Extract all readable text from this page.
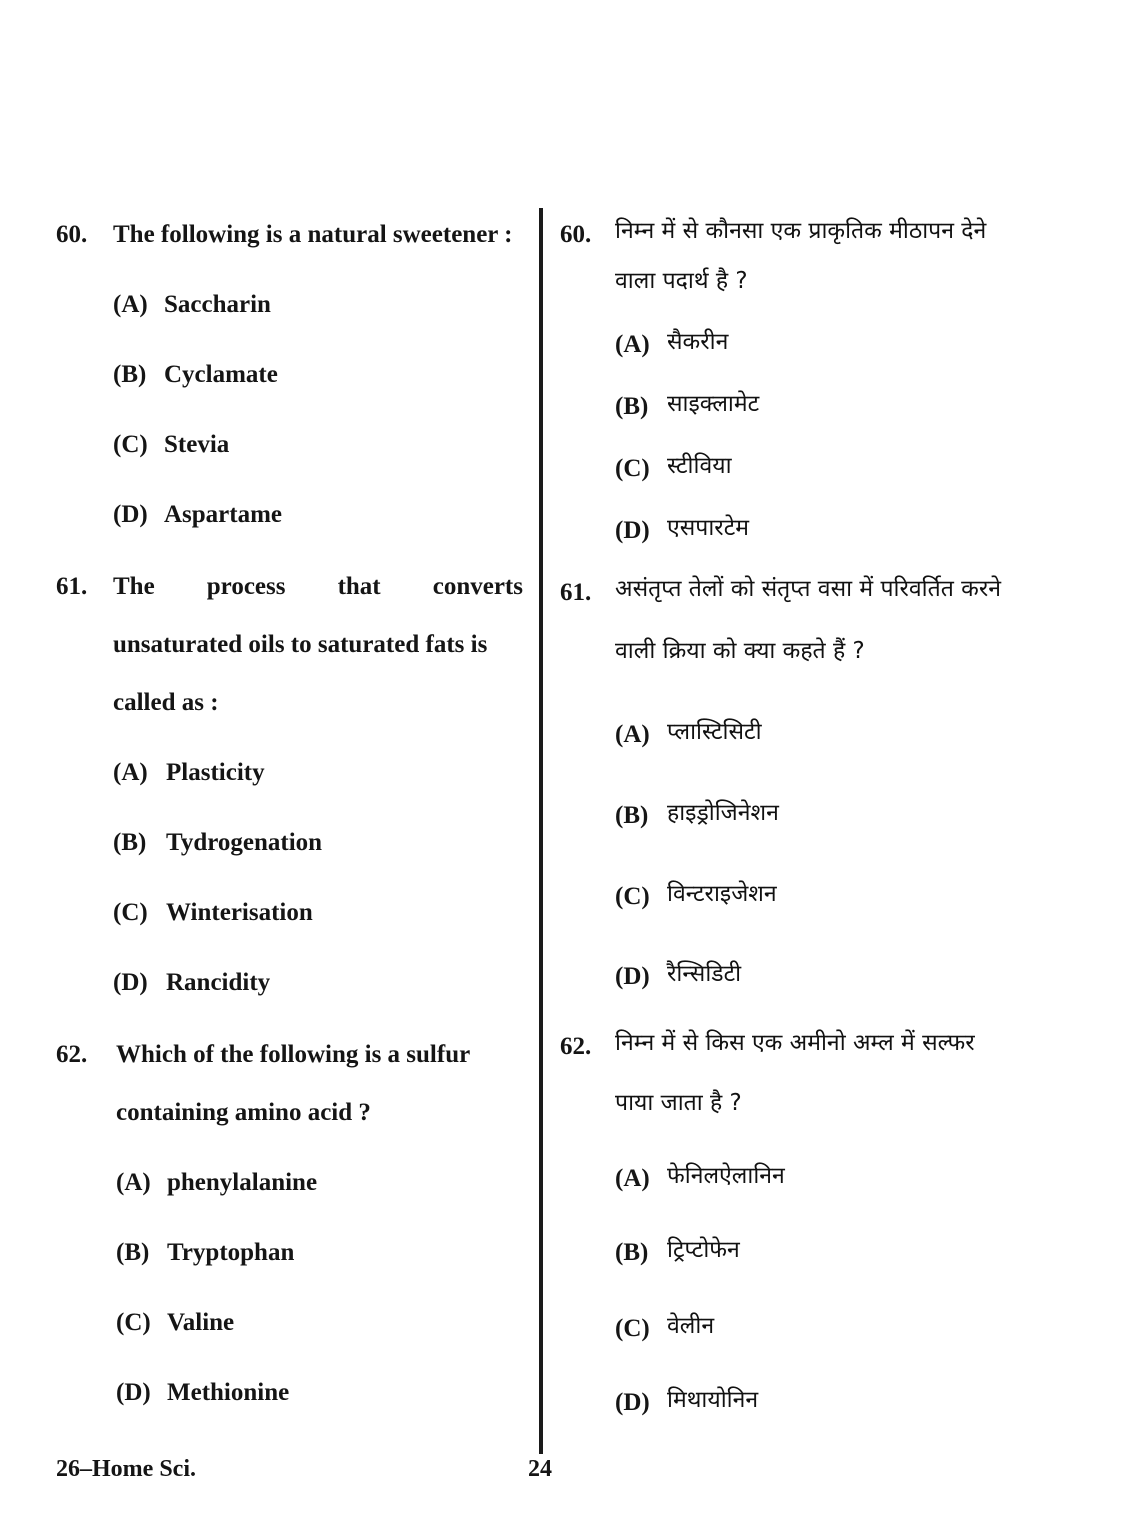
60. The following is a natural sweetener :
(A) Saccharin
(B) Cyclamate
(C) Stevia
(D) Aspartame
61. The process that converts
unsaturated oils to saturated fats is
called as :
(A) Plasticity
(B) Tydrogenation
(C) Winterisation
(D) Rancidity
62. Which of the following is a sulfur
containing amino acid ?
(A) phenylalanine
(B) Tryptophan
(C) Valine
(D) Methionine
60. निम्न में से कौनसा एक प्राकृतिक मीठापन देने
वाला पदार्थ है ?
(A) सैकरीन
(B) साइक्लामेट
(C) स्टीविया
(D) एसपारटेम
61. असंतृप्त तेलों को संतृप्त वसा में परिवर्तित करने
वाली क्रिया को क्या कहते हैं ?
(A) प्लास्टिसिटी
(B) हाइड्रोजिनेशन
(C) विन्टराइजेशन
(D) रैन्सिडिटी
62. निम्न में से किस एक अमीनो अम्ल में सल्फर
पाया जाता है ?
(A) फेनिलऐलानिन
(B) ट्रिप्टोफेन
(C) वेलीन
(D) मिथायोनिन
26–Home Sci.	24
